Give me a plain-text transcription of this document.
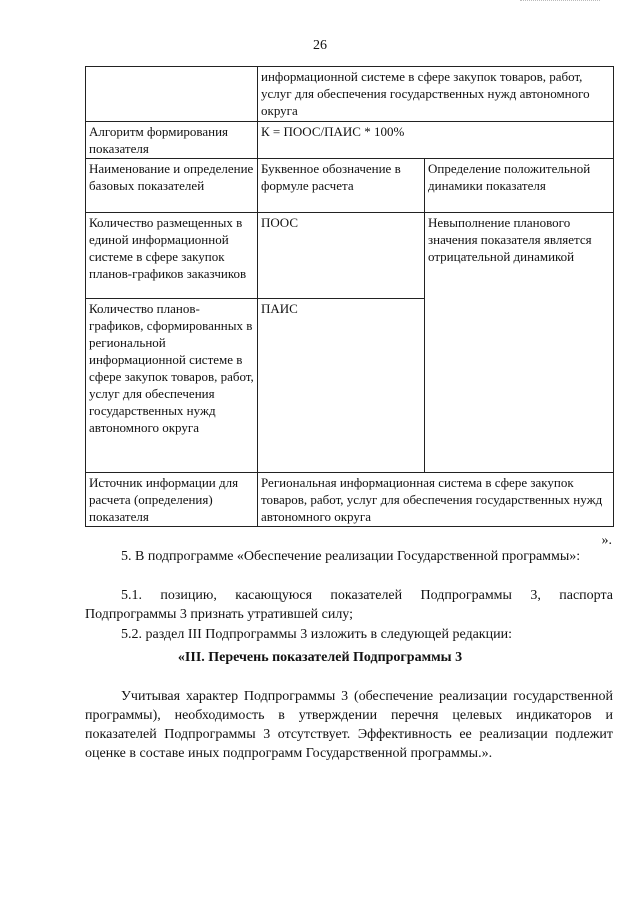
26
	информационной системе в сфере закупок товаров, работ, услуг для обеспечения государственных нужд автономного округа	
Алгоритм формирования показателя	К = ПООС/ПАИС * 100%	
Наименование и определение базовых показателей	Буквенное обозначение в формуле расчета	Определение положительной динамики показателя
Количество размещенных в единой информационной системе в сфере закупок планов-графиков заказчиков	ПООС	Невыполнение планового значения показателя является отрицательной динамикой
Количество планов-графиков, сформированных в региональной информационной системе в сфере закупок товаров, работ, услуг для обеспечения государственных нужд автономного округа	ПАИС	
Источник информации для расчета (определения) показателя	Региональная информационная система в сфере закупок товаров, работ, услуг для обеспечения государственных нужд автономного округа	
».
5. В подпрограмме «Обеспечение реализации Государственной программы»:
5.1. позицию, касающуюся показателей Подпрограммы 3, паспорта Подпрограммы 3 признать утратившей силу;
5.2. раздел III Подпрограммы 3 изложить в следующей редакции:
«III. Перечень показателей Подпрограммы 3
Учитывая характер Подпрограммы 3 (обеспечение реализации государственной программы), необходимость в утверждении перечня целевых индикаторов и показателей Подпрограммы 3 отсутствует. Эффективность ее реализации подлежит оценке в составе иных подпрограмм Государственной программы.».
